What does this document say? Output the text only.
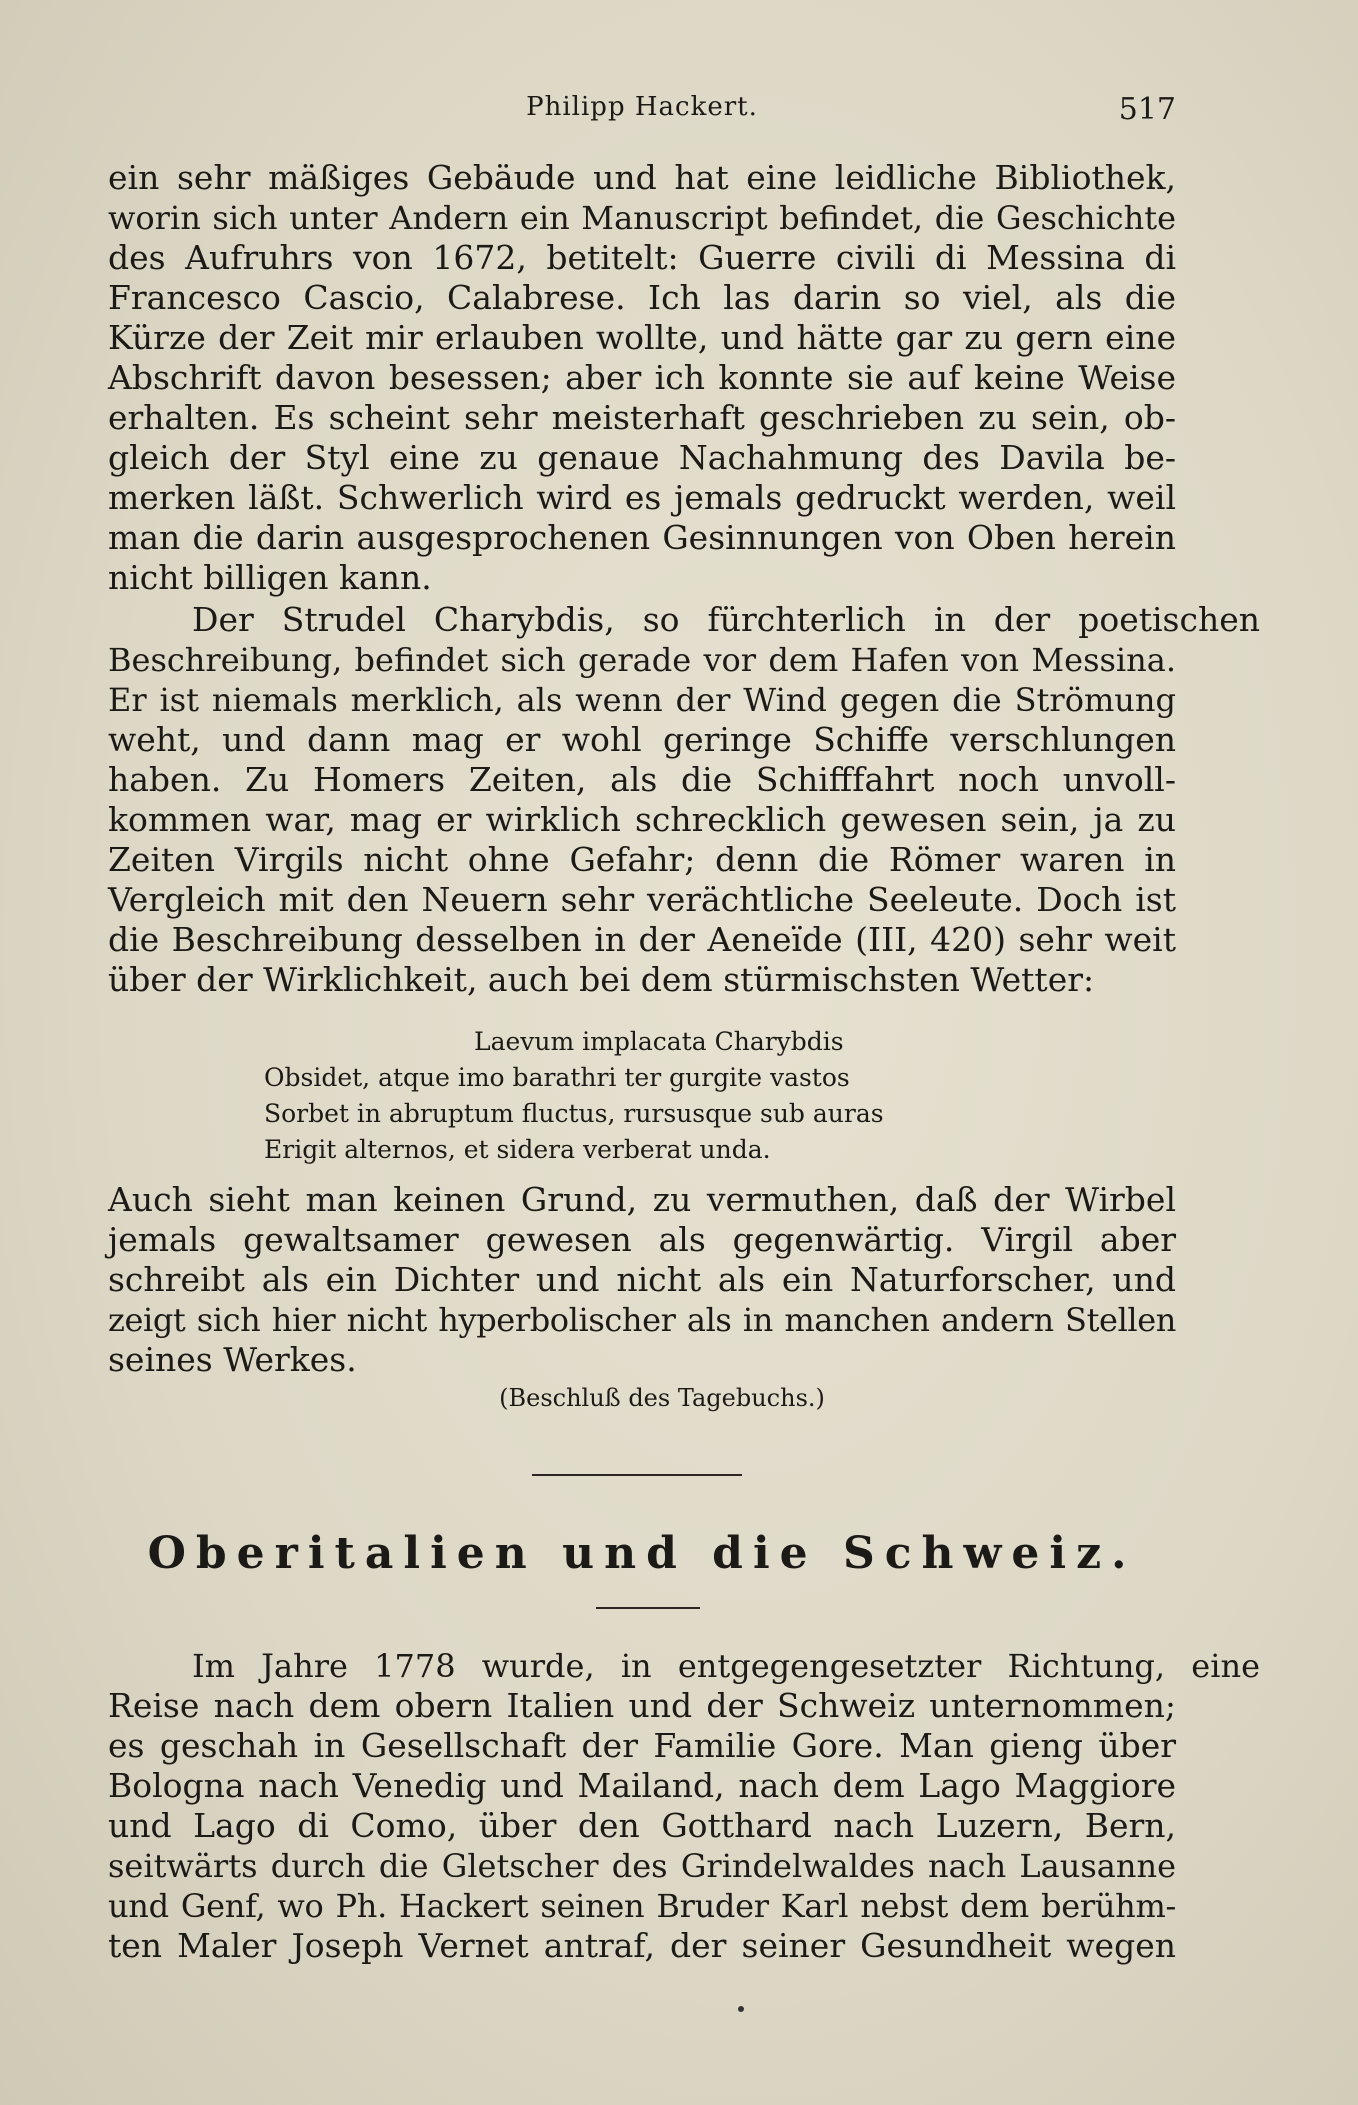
Philipp Hackert.	517
ein sehr mäßiges Gebäude und hat eine leidliche Bibliothek,
worin sich unter Andern ein Manuscript befindet, die Geschichte
des Aufruhrs von 1672, betitelt: Guerre civili di Messina di
Francesco Cascio, Calabrese. Ich las darin so viel, als die
Kürze der Zeit mir erlauben wollte, und hätte gar zu gern eine
Abschrift davon besessen; aber ich konnte sie auf keine Weise
erhalten. Es scheint sehr meisterhaft geschrieben zu sein, ob-
gleich der Styl eine zu genaue Nachahmung des Davila be-
merken läßt. Schwerlich wird es jemals gedruckt werden, weil
man die darin ausgesprochenen Gesinnungen von Oben herein
nicht billigen kann.
Der Strudel Charybdis, so fürchterlich in der poetischen
Beschreibung, befindet sich gerade vor dem Hafen von Messina.
Er ist niemals merklich, als wenn der Wind gegen die Strömung
weht, und dann mag er wohl geringe Schiffe verschlungen
haben. Zu Homers Zeiten, als die Schifffahrt noch unvoll-
kommen war, mag er wirklich schrecklich gewesen sein, ja zu
Zeiten Virgils nicht ohne Gefahr; denn die Römer waren in
Vergleich mit den Neuern sehr verächtliche Seeleute. Doch ist
die Beschreibung desselben in der Aeneïde (III, 420) sehr weit
über der Wirklichkeit, auch bei dem stürmischsten Wetter:
Laevum implacata Charybdis
Obsidet, atque imo barathri ter gurgite vastos
Sorbet in abruptum fluctus, rursusque sub auras
Erigit alternos, et sidera verberat unda.
Auch sieht man keinen Grund, zu vermuthen, daß der Wirbel
jemals gewaltsamer gewesen als gegenwärtig. Virgil aber
schreibt als ein Dichter und nicht als ein Naturforscher, und
zeigt sich hier nicht hyperbolischer als in manchen andern Stellen
seines Werkes.
(Beschluß des Tagebuchs.)
Oberitalien und die Schweiz.
Im Jahre 1778 wurde, in entgegengesetzter Richtung, eine
Reise nach dem obern Italien und der Schweiz unternommen;
es geschah in Gesellschaft der Familie Gore. Man gieng über
Bologna nach Venedig und Mailand, nach dem Lago Maggiore
und Lago di Como, über den Gotthard nach Luzern, Bern,
seitwärts durch die Gletscher des Grindelwaldes nach Lausanne
und Genf, wo Ph. Hackert seinen Bruder Karl nebst dem berühm-
ten Maler Joseph Vernet antraf, der seiner Gesundheit wegen
